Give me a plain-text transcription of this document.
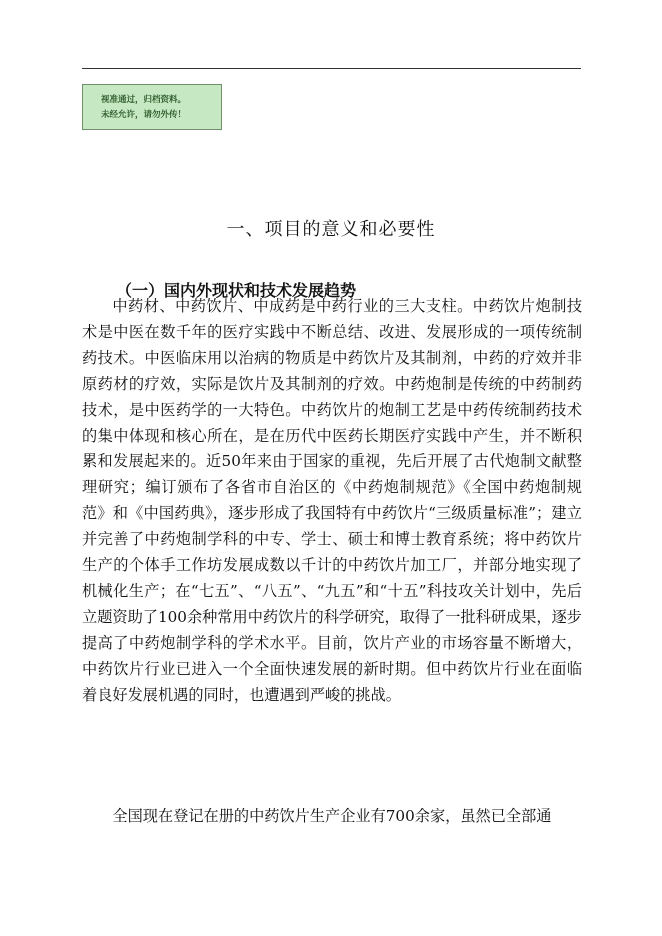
视准通过，归档资料。
未经允许，请勿外传！
一、项目的意义和必要性
（一）国内外现状和技术发展趋势

中药材、中药饮片、中成药是中药行业的三大支柱。中药饮片炮制技术是中医在数千年的医疗实践中不断总结、改进、发展形成的一项传统制药技术。中医临床用以治病的物质是中药饮片及其制剂，中药的疗效并非原药材的疗效，实际是饮片及其制剂的疗效。中药炮制是传统的中药制药技术，是中医药学的一大特色。中药饮片的炮制工艺是中药传统制药技术的集中体现和核心所在，是在历代中医药长期医疗实践中产生，并不断积累和发展起来的。近50年来由于国家的重视，先后开展了古代炮制文献整理研究；编订颁布了各省市自治区的《中药炮制规范》《全国中药炮制规范》和《中国药典》，逐步形成了我国特有中药饮片“三级质量标准”；建立并完善了中药炮制学科的中专、学士、硕士和博士教育系统；将中药饮片生产的个体手工作坊发展成数以千计的中药饮片加工厂，并部分地实现了机械化生产；在“七五”、“八五”、“九五”和“十五”科技攻关计划中，先后立题资助了100余种常用中药饮片的科学研究，取得了一批科研成果，逐步提高了中药炮制学科的学术水平。目前，饮片产业的市场容量不断增大，中药饮片行业已进入一个全面快速发展的新时期。但中药饮片行业在面临着良好发展机遇的同时，也遭遇到严峻的挑战。

全国现在登记在册的中药饮片生产企业有700余家，虽然已全部通
